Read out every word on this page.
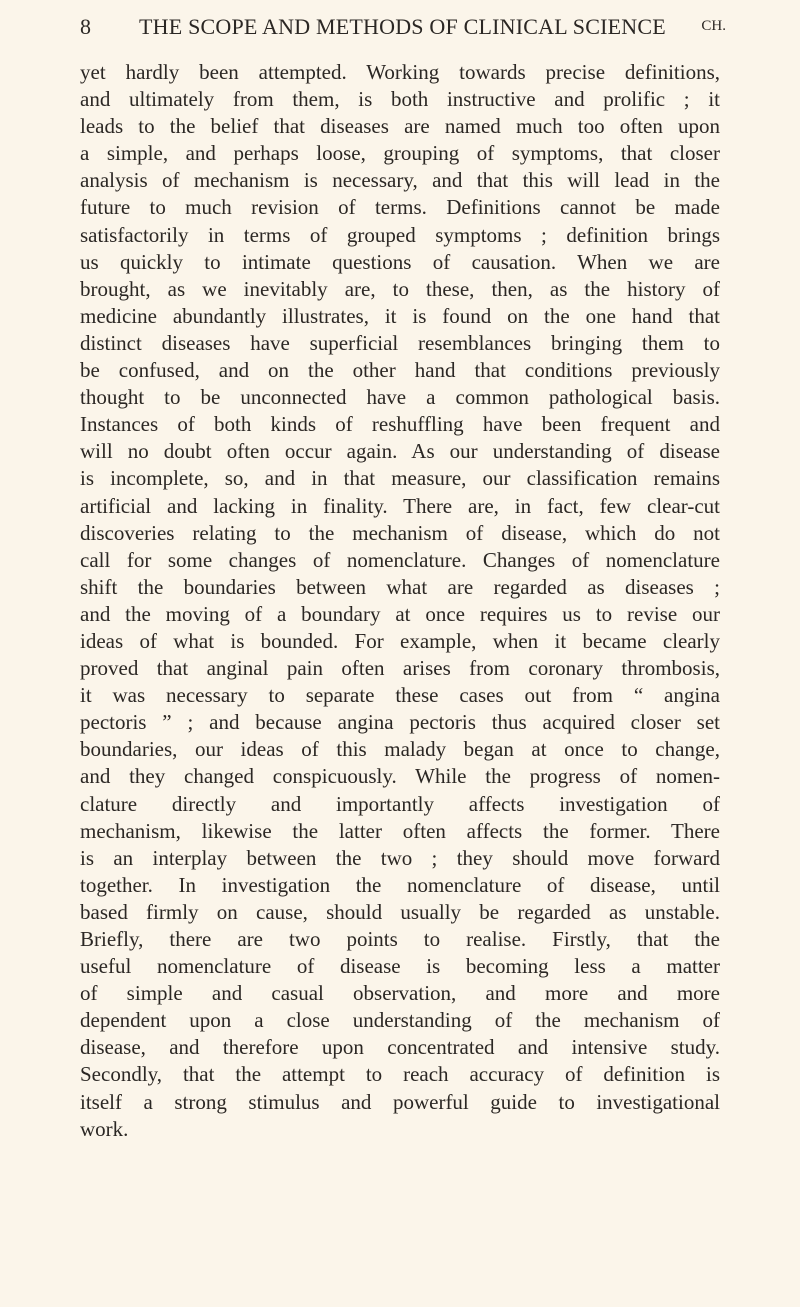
8 THE SCOPE AND METHODS OF CLINICAL SCIENCE CH.
yet hardly been attempted. Working towards precise definitions,
and ultimately from them, is both instructive and prolific ; it
leads to the belief that diseases are named much too often upon
a simple, and perhaps loose, grouping of symptoms, that closer
analysis of mechanism is necessary, and that this will lead in the
future to much revision of terms. Definitions cannot be made
satisfactorily in terms of grouped symptoms ; definition brings
us quickly to intimate questions of causation. When we are
brought, as we inevitably are, to these, then, as the history of
medicine abundantly illustrates, it is found on the one hand that
distinct diseases have superficial resemblances bringing them to
be confused, and on the other hand that conditions previously
thought to be unconnected have a common pathological basis.
Instances of both kinds of reshuffling have been frequent and
will no doubt often occur again. As our understanding of disease
is incomplete, so, and in that measure, our classification remains
artificial and lacking in finality. There are, in fact, few clear-cut
discoveries relating to the mechanism of disease, which do not
call for some changes of nomenclature. Changes of nomenclature
shift the boundaries between what are regarded as diseases ;
and the moving of a boundary at once requires us to revise our
ideas of what is bounded. For example, when it became clearly
proved that anginal pain often arises from coronary thrombosis,
it was necessary to separate these cases out from “ angina
pectoris ” ; and because angina pectoris thus acquired closer set
boundaries, our ideas of this malady began at once to change,
and they changed conspicuously. While the progress of nomen-
clature directly and importantly affects investigation of
mechanism, likewise the latter often affects the former. There
is an interplay between the two ; they should move forward
together. In investigation the nomenclature of disease, until
based firmly on cause, should usually be regarded as unstable.
Briefly, there are two points to realise. Firstly, that the
useful nomenclature of disease is becoming less a matter
of simple and casual observation, and more and more
dependent upon a close understanding of the mechanism of
disease, and therefore upon concentrated and intensive study.
Secondly, that the attempt to reach accuracy of definition is
itself a strong stimulus and powerful guide to investigational
work.
